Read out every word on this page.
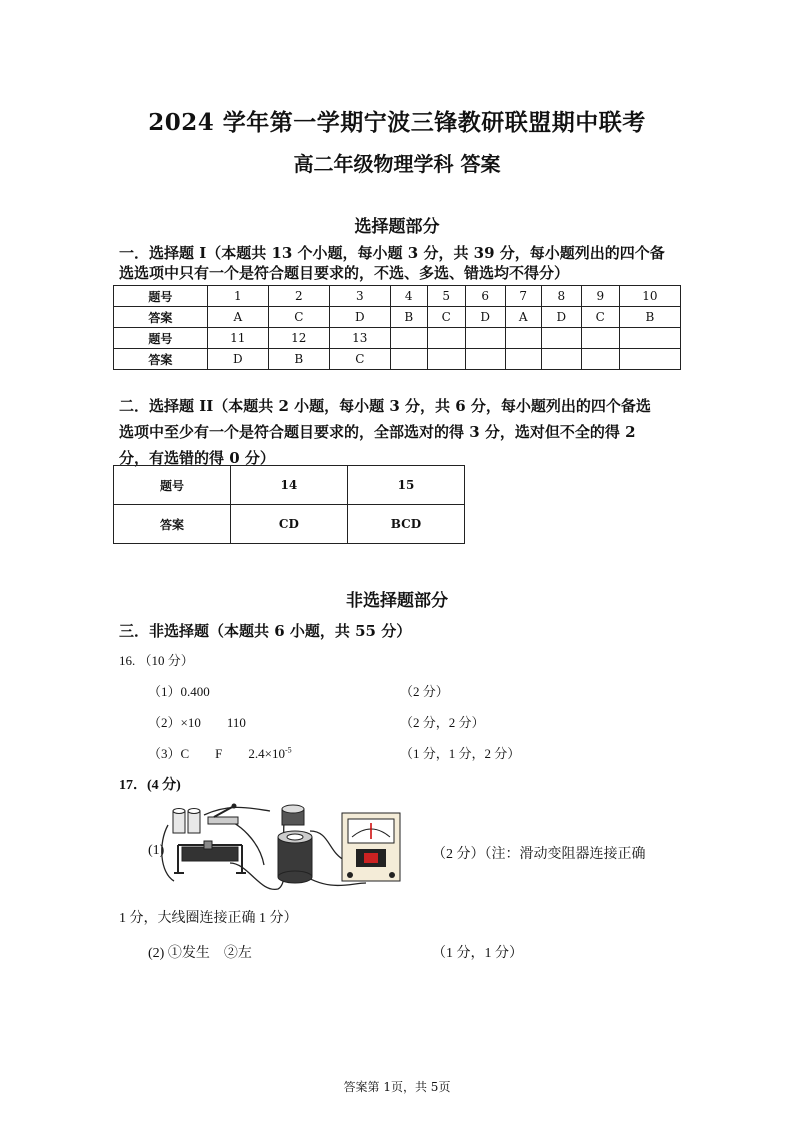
2024 学年第一学期宁波三锋教研联盟期中联考
高二年级物理学科 答案
选择题部分
一．选择题 I（本题共 13 个小题，每小题 3 分，共 39 分，每小题列出的四个备
选选项中只有一个是符合题目要求的，不选、多选、错选均不得分）
题号	1	2	3	4	5	6	7	8	9	10
答案	A	C	D	B	C	D	A	D	C	B
题号	11	12	13							
答案	D	B	C							
二．选择题 II（本题共 2 小题，每小题 3 分，共 6 分，每小题列出的四个备选
选项中至少有一个是符合题目要求的，全部选对的得 3 分，选对但不全的得 2
分，有选错的得 0 分）
题号	14	15
答案	CD	BCD
非选择题部分
三．非选择题（本题共 6 小题，共 55 分）
16. （10 分）
（1）0.400	（2 分）
（2）×10        110	（2 分，2 分）
（3）C        F        $2.4\times 10^{-5}$	（1 分，1 分，2 分）
17．(4 分)
(1)	（2 分）（注：滑动变阻器连接正确
1 分，大线圈连接正确 1 分）
(2) ①发生    ②左	（1 分，1 分）
答案第 1页，共 5页
